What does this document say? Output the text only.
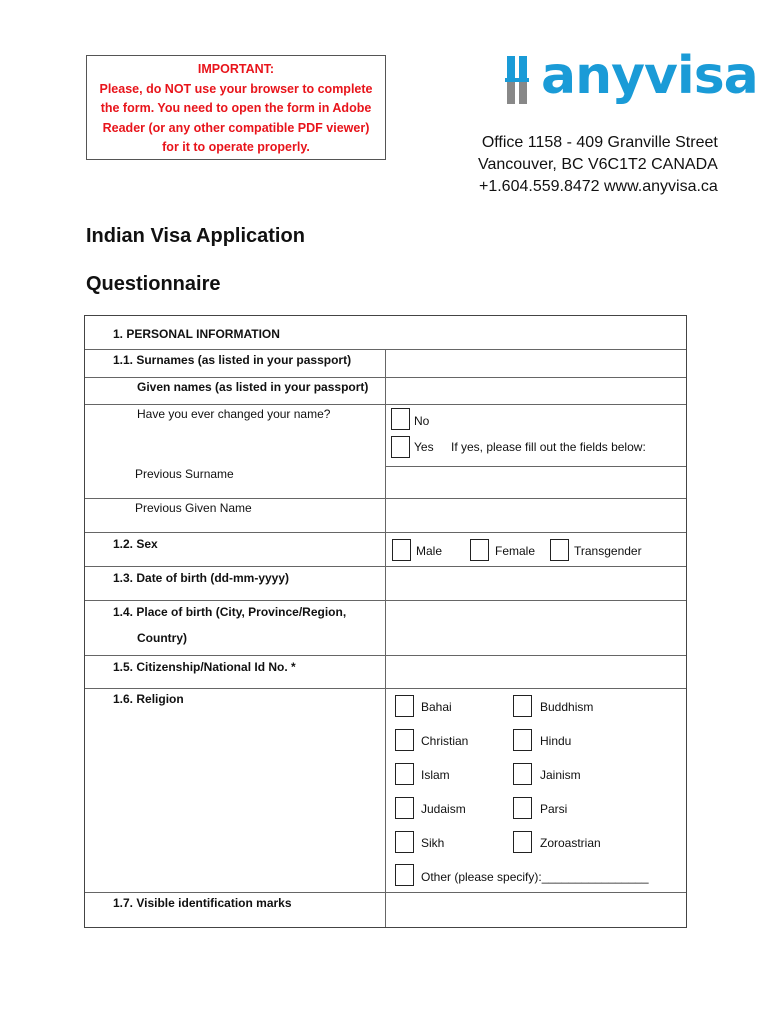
IMPORTANT:
Please, do NOT use your browser to complete
the form. You need to open the form in Adobe
Reader (or any other compatible PDF viewer)
for it to operate properly.
anyvisa
Office 1158 - 409 Granville Street
Vancouver, BC V6C1T2 CANADA
+1.604.559.8472 www.anyvisa.ca
Indian Visa Application
Questionnaire
1. PERSONAL INFORMATION
1.1. Surnames (as listed in your passport)
Given names (as listed in your passport)
Have you ever changed your name?	No
Yes If yes, please fill out the fields below:
Previous Surname
Previous Given Name
1.2. Sex	Male	Female	Transgender
1.3. Date of birth (dd-mm-yyyy)
1.4. Place of birth (City, Province/Region,
Country)
1.5. Citizenship/National Id No. *
1.6. Religion
Bahai	Buddhism
Christian	Hindu
Islam	Jainism
Judaism	Parsi
Sikh	Zoroastrian
Other (please specify):________________
1.7. Visible identification marks
